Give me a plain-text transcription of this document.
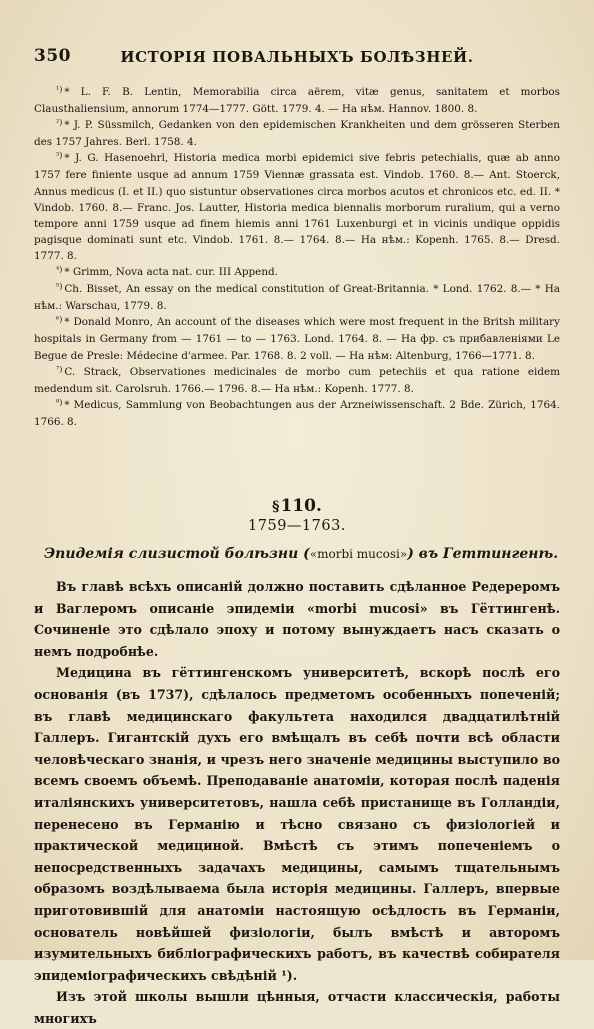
350	ИСТОРІЯ ПОВАЛЬНЫХЪ БОЛѢЗНЕЙ.

$^{^1)}$ * L. F. B. Lentin, Memorabilia circa aërem, vitæ genus, sanitatem et morbos Clausthaliensium, annorum 1774—1777. Gött. 1779. 4. — На нѣм. Hannov. 1800. 8.

$^{^2)}$ * J. P. Süssmilch, Gedanken von den epidemischen Krankheiten und dem grösseren Sterben des 1757 Jahres. Berl. 1758. 4.

$^{^3)}$ * J. G. Hasenoehrl, Historia medica morbi epidemici sive febris petechialis, quæ ab anno 1757 fere finiente usque ad annum 1759 Viennæ grassata est. Vindob. 1760. 8.— Ant. Stoerck, Annus medicus (I. et II.) quo sistuntur observationes circa morbos acutos et chronicos etc. ed. II. * Vindob. 1760. 8.— Franc. Jos. Lautter, Historia medica biennalis morborum ruralium, qui a verno tempore anni 1759 usque ad finem hiemis anni 1761 Luxenburgi et in vicinis undique oppidis pagisque dominati sunt etc. Vindob. 1761. 8.— 1764. 8.— На нѣм.: Kopenh. 1765. 8.— Dresd. 1777. 8.

$^{^4)}$ * Grimm, Nova acta nat. cur. III Append.

$^{^5)}$ Ch. Bisset, An essay on the medical constitution of Great-Britannia. * Lond. 1762. 8.— * На нѣм.: Warschau, 1779. 8.

$^{^6)}$ * Donald Monro, An account of the diseases which were most frequent in the Britsh military hospitals in Germany from — 1761 — to — 1763. Lond. 1764. 8. — На фр. съ прибавленіями Le Begue de Presle: Médecine d'armee. Par. 1768. 8. 2 voll. — На нѣм: Altenburg, 1766—1771. 8.

$^{^7)}$ C. Strack, Observationes medicinales de morbo cum petechiis et qua ratione eidem medendum sit. Carolsruh. 1766.— 1796. 8.— На нѣм.: Kopenh. 1777. 8.

$^{^8)}$ * Medicus, Sammlung von Beobachtungen aus der Arzneiwissenschaft. 2 Bde. Zürich, 1764. 1766. 8.

§110.
1759—1763.
Эпидемія слизистой болѣзни («morbi mucosi») въ Геттингенѣ.

Въ главѣ всѣхъ описаній должно поставить сдѣланное Редереромъ и Ваглеромъ описаніе эпидеміи «morbi mucosi» въ Гёттингенѣ. Сочиненіе это сдѣлало эпоху и потому вынуждаетъ насъ сказать о немъ подробнѣе.

Медицина въ гёттингенскомъ университетѣ, вскорѣ послѣ его основанія (въ 1737), сдѣлалось предметомъ особенныхъ попеченій; въ главѣ медицинскаго факультета находился двадцатилѣтній Галлеръ. Гигантскій духъ его вмѣщалъ въ себѣ почти всѣ области человѣческаго знанія, и чрезъ него значеніе медицины выступило во всемъ своемъ объемѣ. Преподаваніе анатоміи, которая послѣ паденія италіянскихъ университетовъ, нашла себѣ пристанище въ Голландіи, перенесено въ Германію и тѣсно связано съ физіологіей и практической медициной. Вмѣстѣ съ этимъ попеченіемъ о непосредственныхъ задачахъ медицины, самымъ тщательнымъ образомъ воздѣлываема была исторія медицины. Галлеръ, впервые приготовившій для анатоміи настоящую осѣдлость въ Германіи, основатель новѣйшей физіологіи, былъ вмѣстѣ и авторомъ изумительныхъ библіографическихъ работъ, въ качествѣ собирателя эпидеміографическихъ свѣдѣній ¹).

Изъ этой школы вышли цѣнныя, отчасти классическія, работы многихъ
